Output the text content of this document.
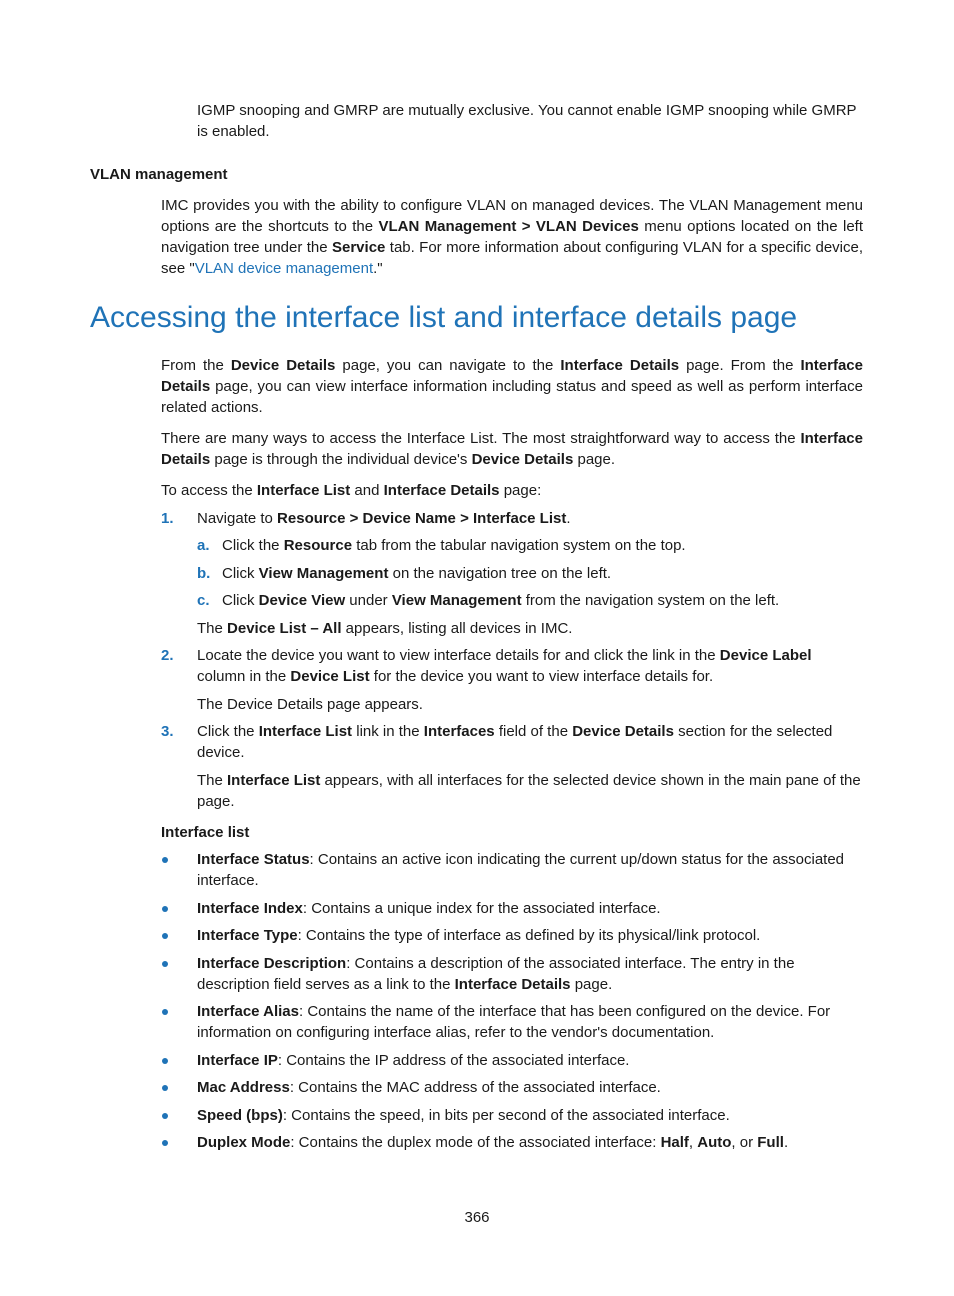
IGMP snooping and GMRP are mutually exclusive. You cannot enable IGMP snooping while GMRP is enabled.

VLAN management

IMC provides you with the ability to configure VLAN on managed devices. The VLAN Management menu options are the shortcuts to the VLAN Management > VLAN Devices menu options located on the left navigation tree under the Service tab. For more information about configuring VLAN for a specific device, see "VLAN device management."

Accessing the interface list and interface details page

From the Device Details page, you can navigate to the Interface Details page. From the Interface Details page, you can view interface information including status and speed as well as perform interface related actions.

There are many ways to access the Interface List. The most straightforward way to access the Interface Details page is through the individual device's Device Details page.

To access the Interface List and Interface Details page:

1. Navigate to Resource > Device Name > Interface List.

a. Click the Resource tab from the tabular navigation system on the top.

b. Click View Management on the navigation tree on the left.

c. Click Device View under View Management from the navigation system on the left.

The Device List – All appears, listing all devices in IMC.

2. Locate the device you want to view interface details for and click the link in the Device Label column in the Device List for the device you want to view interface details for.

The Device Details page appears.

3. Click the Interface List link in the Interfaces field of the Device Details section for the selected device.

The Interface List appears, with all interfaces for the selected device shown in the main pane of the page.

Interface list

Interface Status: Contains an active icon indicating the current up/down status for the associated interface.

Interface Index: Contains a unique index for the associated interface.

Interface Type: Contains the type of interface as defined by its physical/link protocol.

Interface Description: Contains a description of the associated interface. The entry in the description field serves as a link to the Interface Details page.

Interface Alias: Contains the name of the interface that has been configured on the device. For information on configuring interface alias, refer to the vendor's documentation.

Interface IP: Contains the IP address of the associated interface.

Mac Address: Contains the MAC address of the associated interface.

Speed (bps): Contains the speed, in bits per second of the associated interface.

Duplex Mode: Contains the duplex mode of the associated interface: Half, Auto, or Full.

366
